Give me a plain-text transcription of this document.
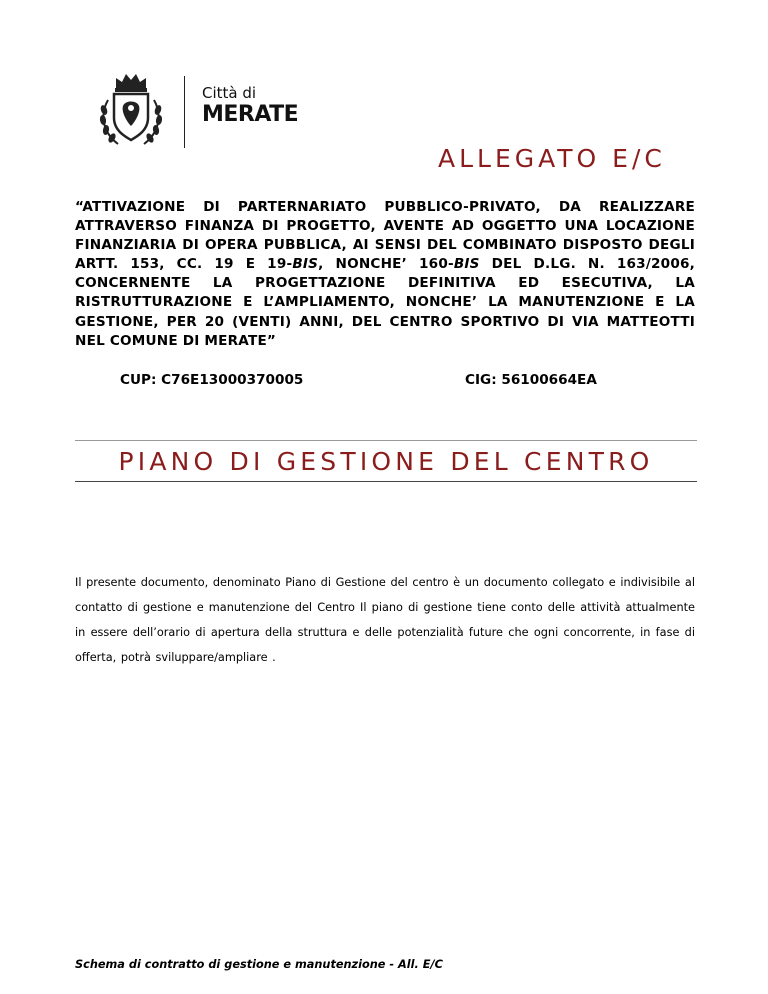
Città di
MERATE
ALLEGATO E/C
“ATTIVAZIONE DI PARTERNARIATO PUBBLICO-PRIVATO, DA REALIZZARE ATTRAVERSO FINANZA DI PROGETTO, AVENTE AD OGGETTO UNA LOCAZIONE FINANZIARIA DI OPERA PUBBLICA, AI SENSI DEL COMBINATO DISPOSTO DEGLI ARTT. 153, CC. 19 E 19-BIS, NONCHE’ 160-BIS DEL D.LG. N. 163/2006, CONCERNENTE LA PROGETTAZIONE DEFINITIVA ED ESECUTIVA, LA RISTRUTTURAZIONE E L’AMPLIAMENTO, NONCHE’ LA MANUTENZIONE E LA GESTIONE, PER 20 (VENTI) ANNI, DEL CENTRO SPORTIVO DI VIA MATTEOTTI NEL COMUNE DI MERATE”
CUP: C76E13000370005	CIG: 56100664EA
PIANO DI GESTIONE DEL CENTRO

Il presente documento, denominato Piano di Gestione del centro è un documento collegato e indivisibile al contatto di gestione e manutenzione del Centro Il piano di gestione tiene conto delle attività attualmente in essere dell’orario di apertura della struttura e delle potenzialità future che ogni concorrente, in fase di offerta, potrà sviluppare/ampliare .

Schema di contratto di gestione e manutenzione - All. E/C
